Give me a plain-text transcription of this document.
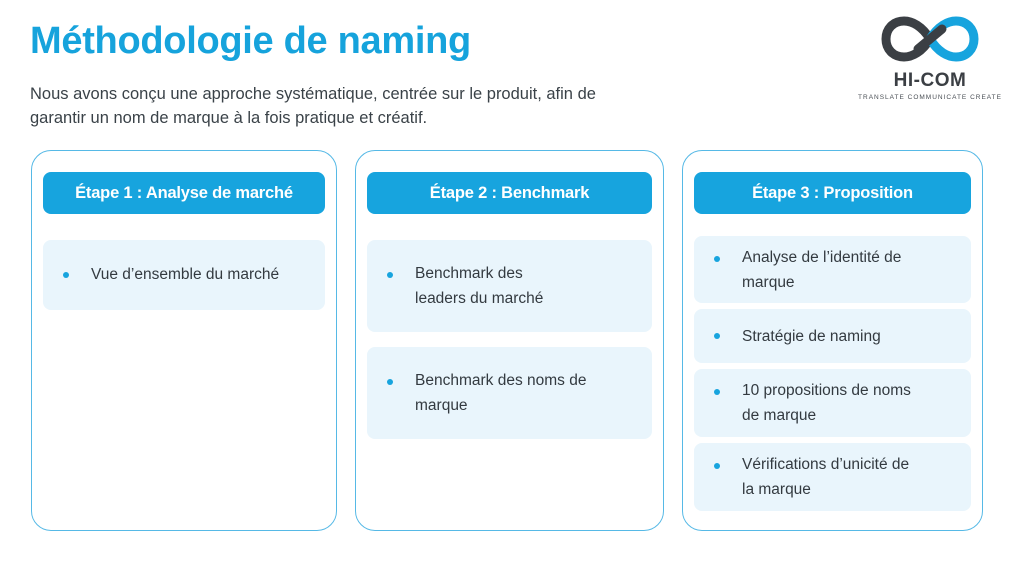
Méthodologie de naming

Nous avons conçu une approche systématique, centrée sur le produit, afin de garantir un nom de marque à la fois pratique et créatif.

HI-COM
TRANSLATE COMMUNICATE CREATE
Étape 1 : Analyse de marché
Vue d’ensemble du marché
Étape 2 : Benchmark
Benchmark des leaders du marché
Benchmark des noms de marque
Étape 3 : Proposition
Analyse de l’identité de marque
Stratégie de naming
10 propositions de noms de marque
Vérifications d’unicité de la marque
